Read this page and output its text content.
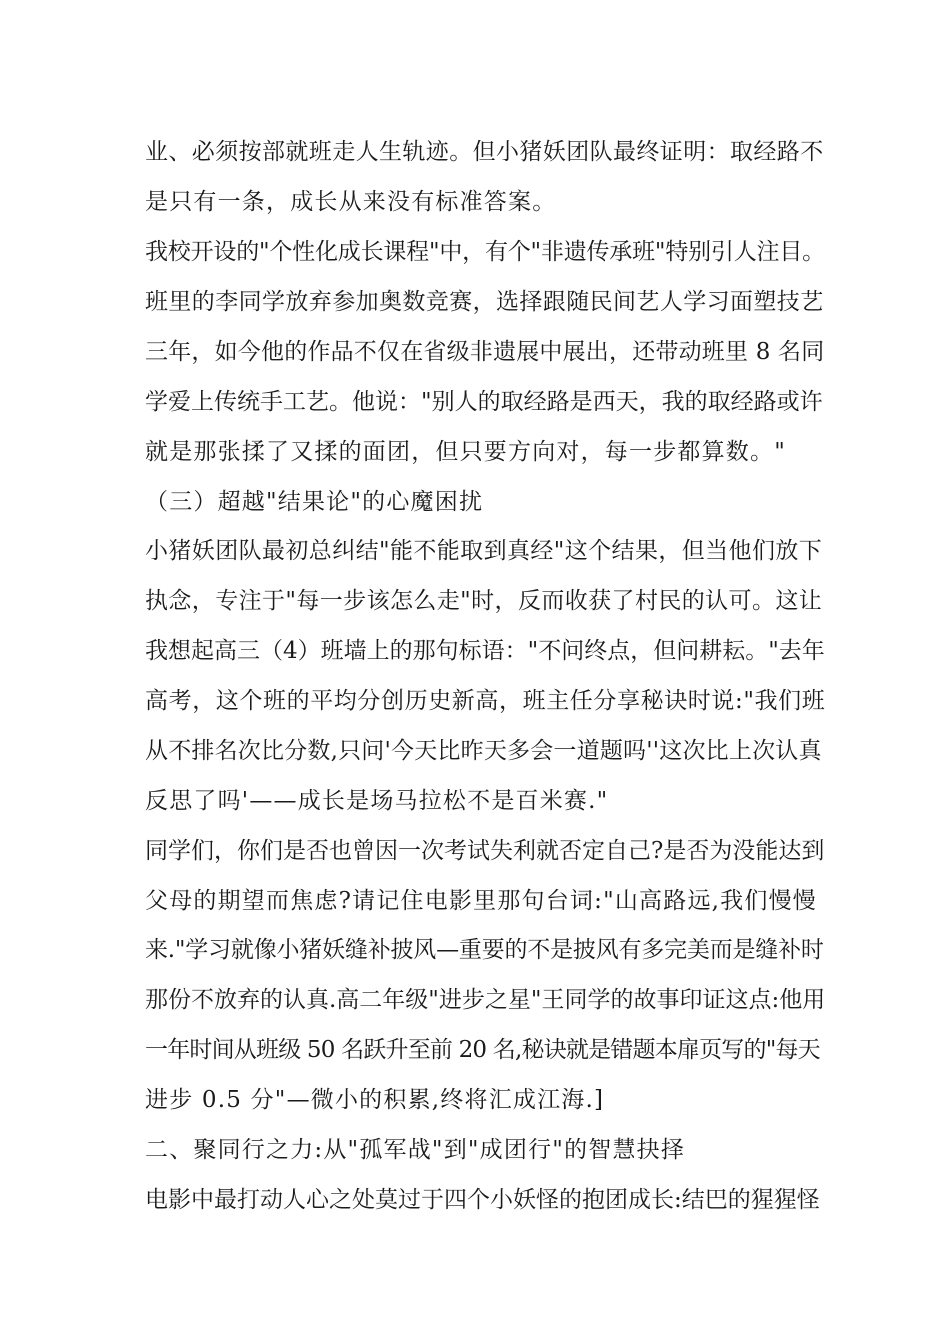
业、必须按部就班走人生轨迹。但小猪妖团队最终证明：取经路不
是只有一条，成长从来没有标准答案。
我校开设的"个性化成长课程"中，有个"非遗传承班"特别引人注目。
班里的李同学放弃参加奥数竞赛，选择跟随民间艺人学习面塑技艺
三年，如今他的作品不仅在省级非遗展中展出，还带动班里 8 名同
学爱上传统手工艺。他说："别人的取经路是西天，我的取经路或许
就是那张揉了又揉的面团，但只要方向对，每一步都算数。"
（三）超越"结果论"的心魔困扰
小猪妖团队最初总纠结"能不能取到真经"这个结果，但当他们放下
执念，专注于"每一步该怎么走"时，反而收获了村民的认可。这让
我想起高三（4）班墙上的那句标语："不问终点，但问耕耘。"去年
高考，这个班的平均分创历史新高，班主任分享秘诀时说:"我们班
从不排名次比分数,只问'今天比昨天多会一道题吗''这次比上次认真
反思了吗'——成长是场马拉松不是百米赛."
同学们，你们是否也曾因一次考试失利就否定自己?是否为没能达到
父母的期望而焦虑?请记住电影里那句台词:"山高路远,我们慢慢
来."学习就像小猪妖缝补披风—重要的不是披风有多完美而是缝补时
那份不放弃的认真.高二年级"进步之星"王同学的故事印证这点:他用
一年时间从班级 50 名跃升至前 20 名,秘诀就是错题本扉页写的"每天
进步 0.5 分"—微小的积累,终将汇成江海.]
二、聚同行之力:从"孤军战"到"成团行"的智慧抉择
电影中最打动人心之处莫过于四个小妖怪的抱团成长:结巴的猩猩怪
